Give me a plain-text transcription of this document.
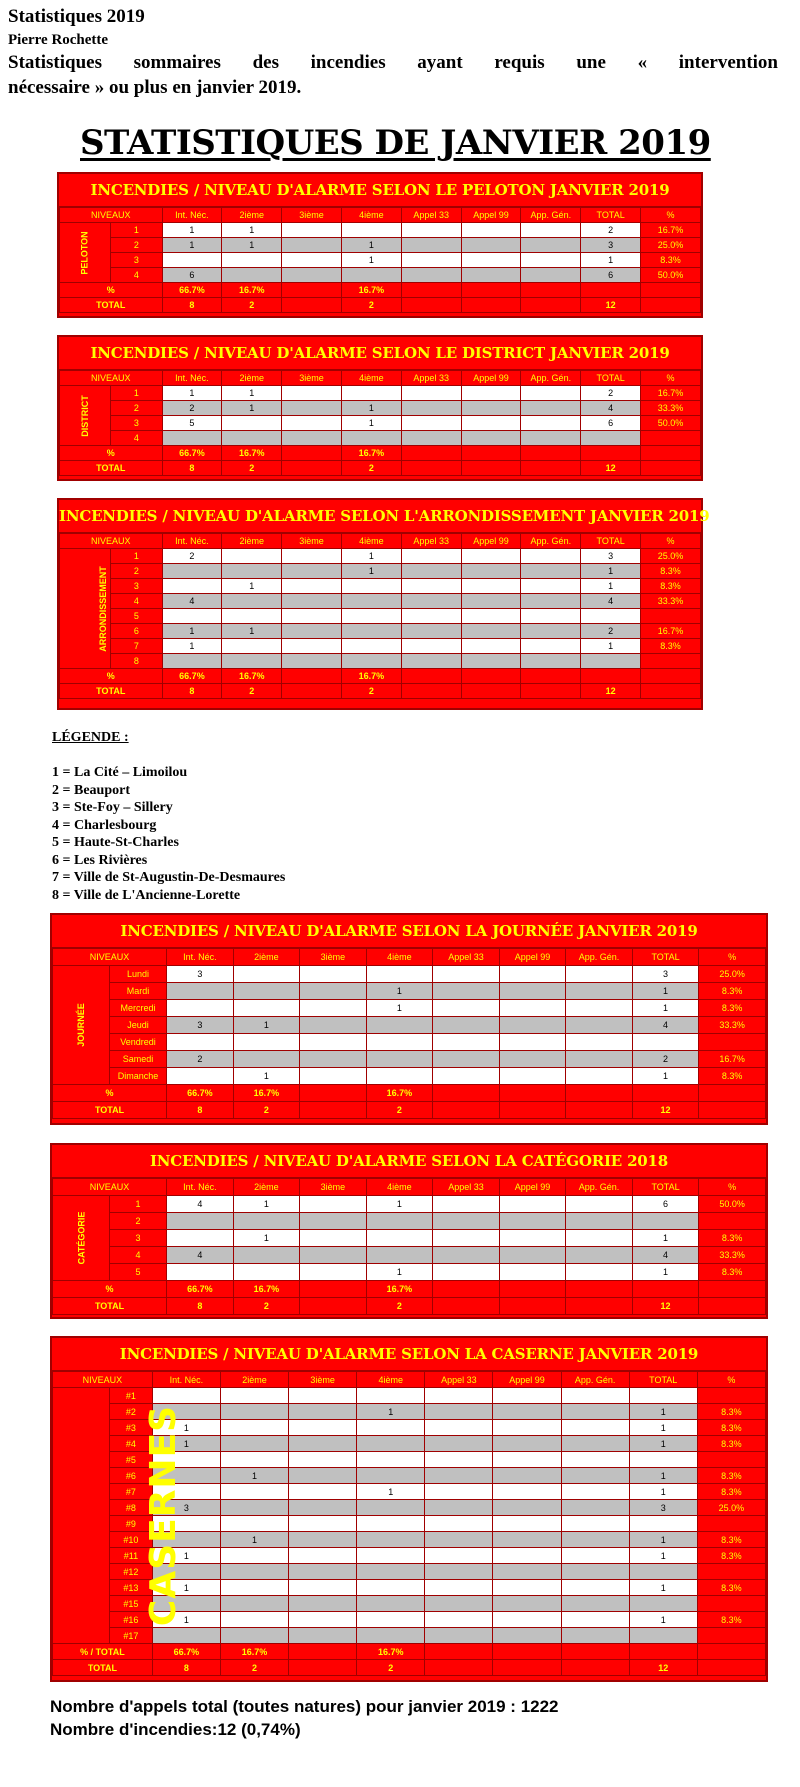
Statistiques 2019
Pierre Rochette
Statistiques sommaires des incendies ayant requis une « intervention
nécessaire » ou plus en janvier 2019.
STATISTIQUES DE JANVIER 2019
INCENDIES / NIVEAU D'ALARME SELON LE PELOTON JANVIER 2019
NIVEAUX		Int. Néc.	2ième	3ième	4ième	Appel 33	Appel 99	App. Gén.	TOTAL	%
PELOTON	1	1	1						2	16.7%
	2	1	1		1				3	25.0%
	3				1				1	8.3%
	4	6							6	50.0%
%		66.7%	16.7%		16.7%					
TOTAL		8	2		2				12	
INCENDIES / NIVEAU D'ALARME SELON LE DISTRICT JANVIER 2019
NIVEAUX		Int. Néc.	2ième	3ième	4ième	Appel 33	Appel 99	App. Gén.	TOTAL	%
DISTRICT	1	1	1						2	16.7%
	2	2	1		1				4	33.3%
	3	5			1				6	50.0%
	4									
%		66.7%	16.7%		16.7%					
TOTAL		8	2		2				12	
INCENDIES / NIVEAU D'ALARME SELON L'ARRONDISSEMENT JANVIER 2019
NIVEAUX		Int. Néc.	2ième	3ième	4ième	Appel 33	Appel 99	App. Gén.	TOTAL	%
ARRONDISSEMENT	1	2			1				3	25.0%
	2				1				1	8.3%
	3		1						1	8.3%
	4	4							4	33.3%
	5									
	6	1	1						2	16.7%
	7	1							1	8.3%
	8									
%		66.7%	16.7%		16.7%					
TOTAL		8	2		2				12	
LÉGENDE :
1 = La Cité – Limoilou
2 = Beauport
3 = Ste-Foy – Sillery
4 = Charlesbourg
5 = Haute-St-Charles
6 = Les Rivières
7 = Ville de St-Augustin-De-Desmaures
8 = Ville de L'Ancienne-Lorette
INCENDIES / NIVEAU D'ALARME SELON LA JOURNÉE JANVIER 2019
NIVEAUX		Int. Néc.	2ième	3ième	4ième	Appel 33	Appel 99	App. Gén.	TOTAL	%
JOURNÉE	Lundi	3							3	25.0%
	Mardi				1				1	8.3%
	Mercredi				1				1	8.3%
	Jeudi	3	1						4	33.3%
	Vendredi									
	Samedi	2							2	16.7%
	Dimanche		1						1	8.3%
%		66.7%	16.7%		16.7%					
TOTAL		8	2		2				12	
INCENDIES / NIVEAU D'ALARME SELON LA CATÉGORIE 2018
NIVEAUX		Int. Néc.	2ième	3ième	4ième	Appel 33	Appel 99	App. Gén.	TOTAL	%
CATÉGORIE	1	4	1		1				6	50.0%
	2									
	3		1						1	8.3%
	4	4							4	33.3%
	5				1				1	8.3%
%		66.7%	16.7%		16.7%					
TOTAL		8	2		2				12	
INCENDIES / NIVEAU D'ALARME SELON LA CASERNE JANVIER 2019
NIVEAUX		Int. Néc.	2ième	3ième	4ième	Appel 33	Appel 99	App. Gén.	TOTAL	%
CASERNES	#1									
	#2				1				1	8.3%
	#3	1							1	8.3%
	#4	1							1	8.3%
	#5									
	#6		1						1	8.3%
	#7				1				1	8.3%
	#8	3							3	25.0%
	#9									
	#10		1						1	8.3%
	#11	1							1	8.3%
	#12									
	#13	1							1	8.3%
	#15									
	#16	1							1	8.3%
	#17									
% / TOTAL		66.7%	16.7%		16.7%					
TOTAL		8	2		2				12	
Nombre d'appels total (toutes natures) pour janvier 2019 : 1222
Nombre d'incendies:12 (0,74%)
